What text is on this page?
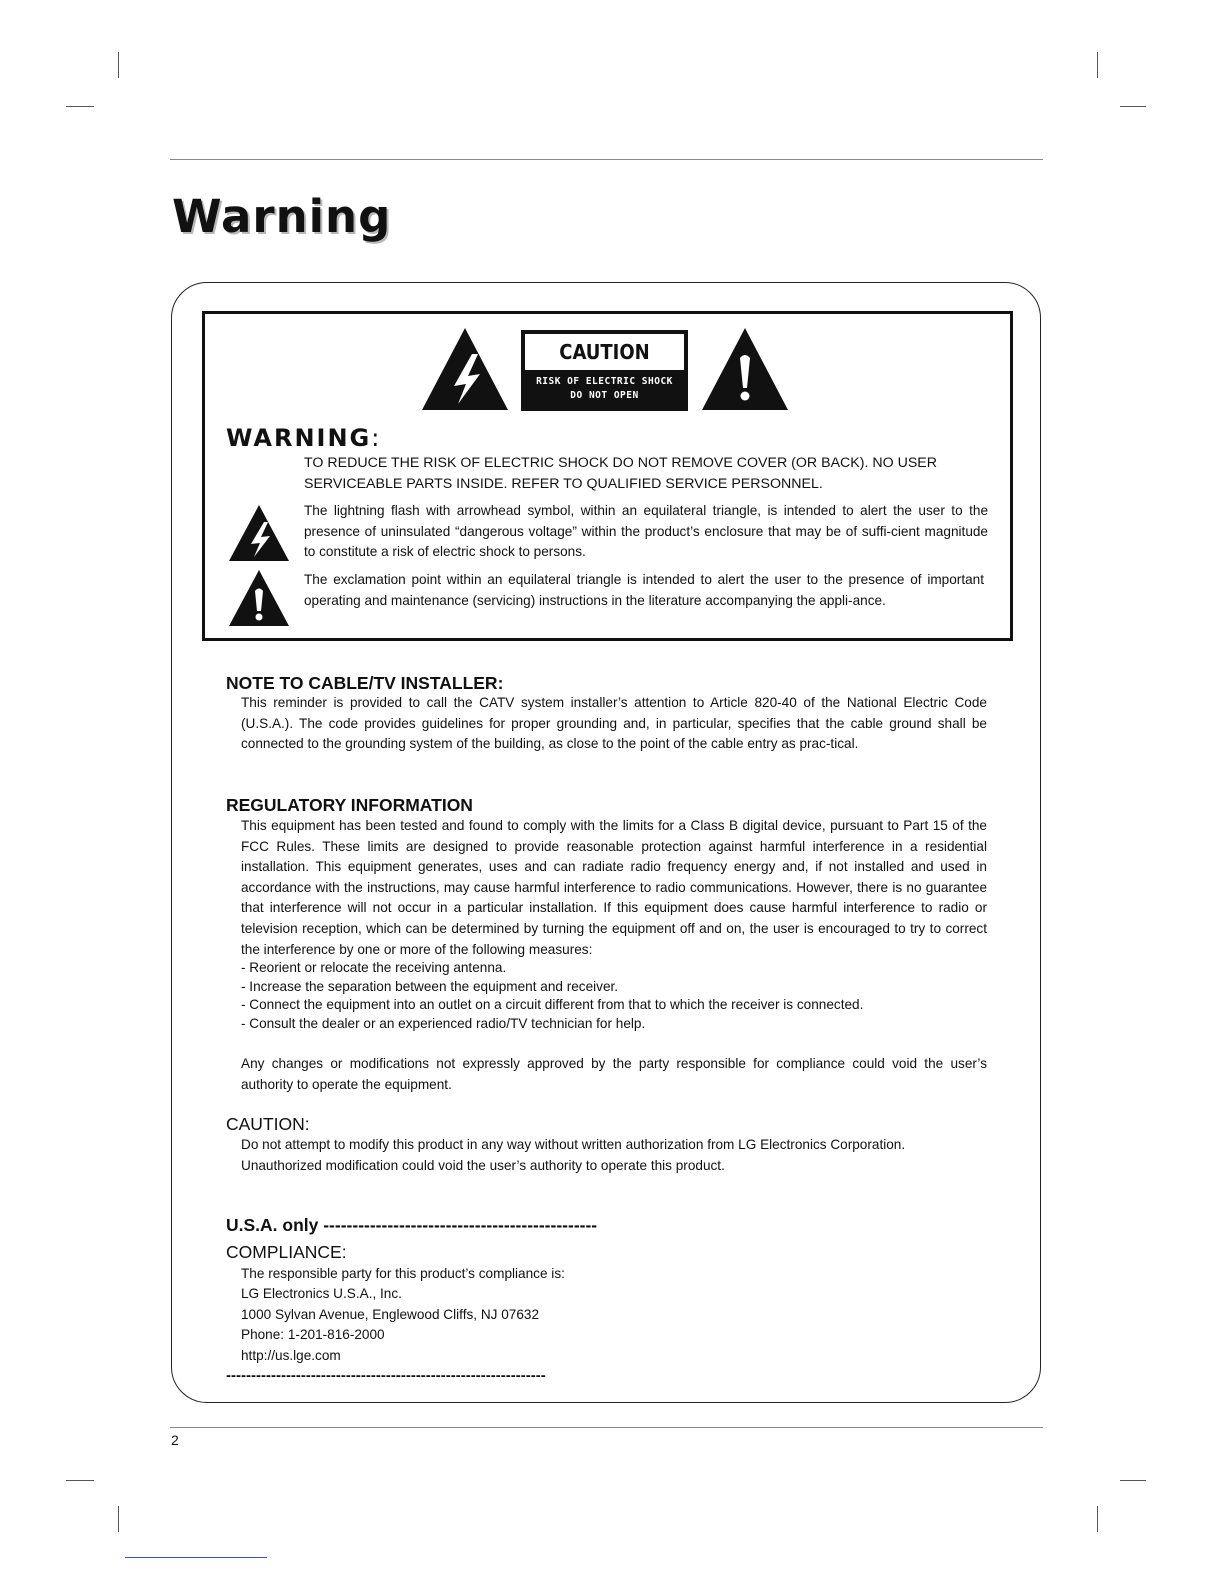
Warning
CAUTION
RISK OF ELECTRIC SHOCK
DO NOT OPEN
WARNING:

TO REDUCE THE RISK OF ELECTRIC SHOCK DO NOT REMOVE COVER (OR BACK). NO USER SERVICEABLE PARTS INSIDE. REFER TO QUALIFIED SERVICE PERSONNEL.

The lightning flash with arrowhead symbol, within an equilateral triangle, is intended to alert the user to the presence of uninsulated “dangerous voltage” within the product’s enclosure that may be of suffi-cient magnitude to constitute a risk of electric shock to persons.

The exclamation point within an equilateral triangle is intended to alert the user to the presence of important operating and maintenance (servicing) instructions in the literature accompanying the appli-ance.

NOTE TO CABLE/TV INSTALLER:

This reminder is provided to call the CATV system installer’s attention to Article 820-40 of the National Electric Code (U.S.A.). The code provides guidelines for proper grounding and, in particular, specifies that the cable ground shall be connected to the grounding system of the building, as close to the point of the cable entry as prac-tical.

REGULATORY INFORMATION

This equipment has been tested and found to comply with the limits for a Class B digital device, pursuant to Part 15 of the FCC Rules. These limits are designed to provide reasonable protection against harmful interference in a residential installation. This equipment generates, uses and can radiate radio frequency energy and, if not installed and used in accordance with the instructions, may cause harmful interference to radio communications. However, there is no guarantee that interference will not occur in a particular installation. If this equipment does cause harmful interference to radio or television reception, which can be determined by turning the equipment off and on, the user is encouraged to try to correct the interference by one or more of the following measures:

- Reorient or relocate the receiving antenna.

- Increase the separation between the equipment and receiver.

- Connect the equipment into an outlet on a circuit different from that to which the receiver is connected.

- Consult the dealer or an experienced radio/TV technician for help.

Any changes or modifications not expressly approved by the party responsible for compliance could void the user’s authority to operate the equipment.

CAUTION:

Do not attempt to modify this product in any way without written authorization from LG Electronics Corporation.

Unauthorized modification could void the user’s authority to operate this product.

U.S.A. only -----------------------------------------------
COMPLIANCE:

The responsible party for this product’s compliance is:

LG Electronics U.S.A., Inc.

1000 Sylvan Avenue, Englewood Cliffs, NJ 07632

Phone: 1-201-816-2000

http://us.lge.com

----------------------------------------------------------------

2
